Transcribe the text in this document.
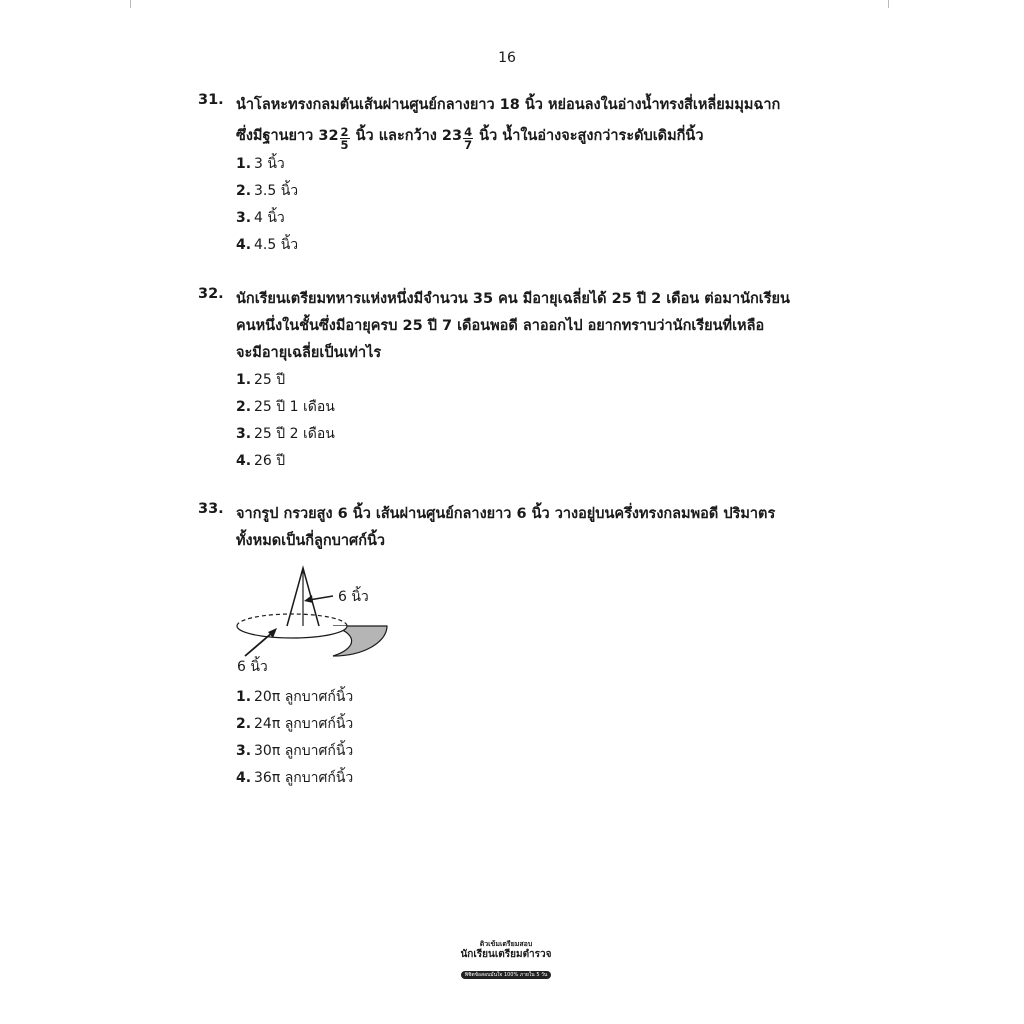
16
31. นำโลหะทรงกลมตันเส้นผ่านศูนย์กลางยาว 18 นิ้ว หย่อนลงในอ่างน้ำทรงสี่เหลี่ยมมุมฉาก
ซึ่งมีฐานยาว $32 \frac{2}{5}$ นิ้ว และกว้าง $23 \frac{4}{7}$ นิ้ว น้ำในอ่างจะสูงกว่าระดับเดิมกี่นิ้ว
1. 3 นิ้ว
2. 3.5 นิ้ว
3. 4 นิ้ว
4. 4.5 นิ้ว
32. นักเรียนเตรียมทหารแห่งหนึ่งมีจำนวน 35 คน มีอายุเฉลี่ยได้ 25 ปี 2 เดือน ต่อมานักเรียน
คนหนึ่งในชั้นซึ่งมีอายุครบ 25 ปี 7 เดือนพอดี ลาออกไป อยากทราบว่านักเรียนที่เหลือ
จะมีอายุเฉลี่ยเป็นเท่าไร
1. 25 ปี
2. 25 ปี 1 เดือน
3. 25 ปี 2 เดือน
4. 26 ปี
33. จากรูป กรวยสูง 6 นิ้ว เส้นผ่านศูนย์กลางยาว 6 นิ้ว วางอยู่บนครึ่งทรงกลมพอดี ปริมาตร
ทั้งหมดเป็นกี่ลูกบาศก์นิ้ว
6 นิ้ว
6 นิ้ว
1. 20π ลูกบาศก์นิ้ว
2. 24π ลูกบาศก์นิ้ว
3. 30π ลูกบาศก์นิ้ว
4. 36π ลูกบาศก์นิ้ว
ติวเข้มเตรียมสอบ
นักเรียนเตรียมตำรวจ
พิชิตข้อสอบมั่นใจ 100% ภายใน 5 วัน
